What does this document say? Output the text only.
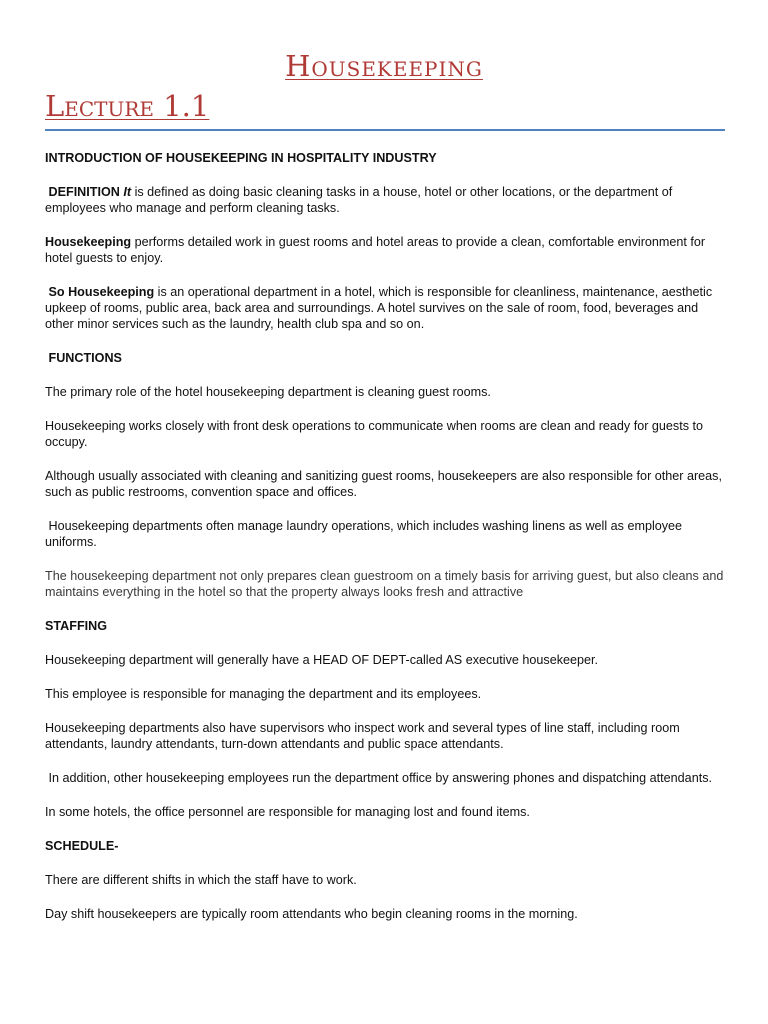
Housekeeping
Lecture 1.1
INTRODUCTION OF HOUSEKEEPING IN HOSPITALITY INDUSTRY

DEFINITION It is defined as doing basic cleaning tasks in a house, hotel or other locations, or the department of employees who manage and perform cleaning tasks.

Housekeeping performs detailed work in guest rooms and hotel areas to provide a clean, comfortable environment for hotel guests to enjoy.

So Housekeeping is an operational department in a hotel, which is responsible for cleanliness, maintenance, aesthetic upkeep of rooms, public area, back area and surroundings. A hotel survives on the sale of room, food, beverages and other minor services such as the laundry, health club spa and so on.

FUNCTIONS

The primary role of the hotel housekeeping department is cleaning guest rooms.

Housekeeping works closely with front desk operations to communicate when rooms are clean and ready for guests to occupy.

Although usually associated with cleaning and sanitizing guest rooms, housekeepers are also responsible for other areas, such as public restrooms, convention space and offices.

Housekeeping departments often manage laundry operations, which includes washing linens as well as employee uniforms.

The housekeeping department not only prepares clean guestroom on a timely basis for arriving guest, but also cleans and maintains everything in the hotel so that the property always looks fresh and attractive

STAFFING

Housekeeping department will generally have a HEAD OF DEPT-called AS executive housekeeper.

This employee is responsible for managing the department and its employees.

Housekeeping departments also have supervisors who inspect work and several types of line staff, including room attendants, laundry attendants, turn-down attendants and public space attendants.

In addition, other housekeeping employees run the department office by answering phones and dispatching attendants.

In some hotels, the office personnel are responsible for managing lost and found items.

SCHEDULE-

There are different shifts in which the staff have to work.

Day shift housekeepers are typically room attendants who begin cleaning rooms in the morning.
